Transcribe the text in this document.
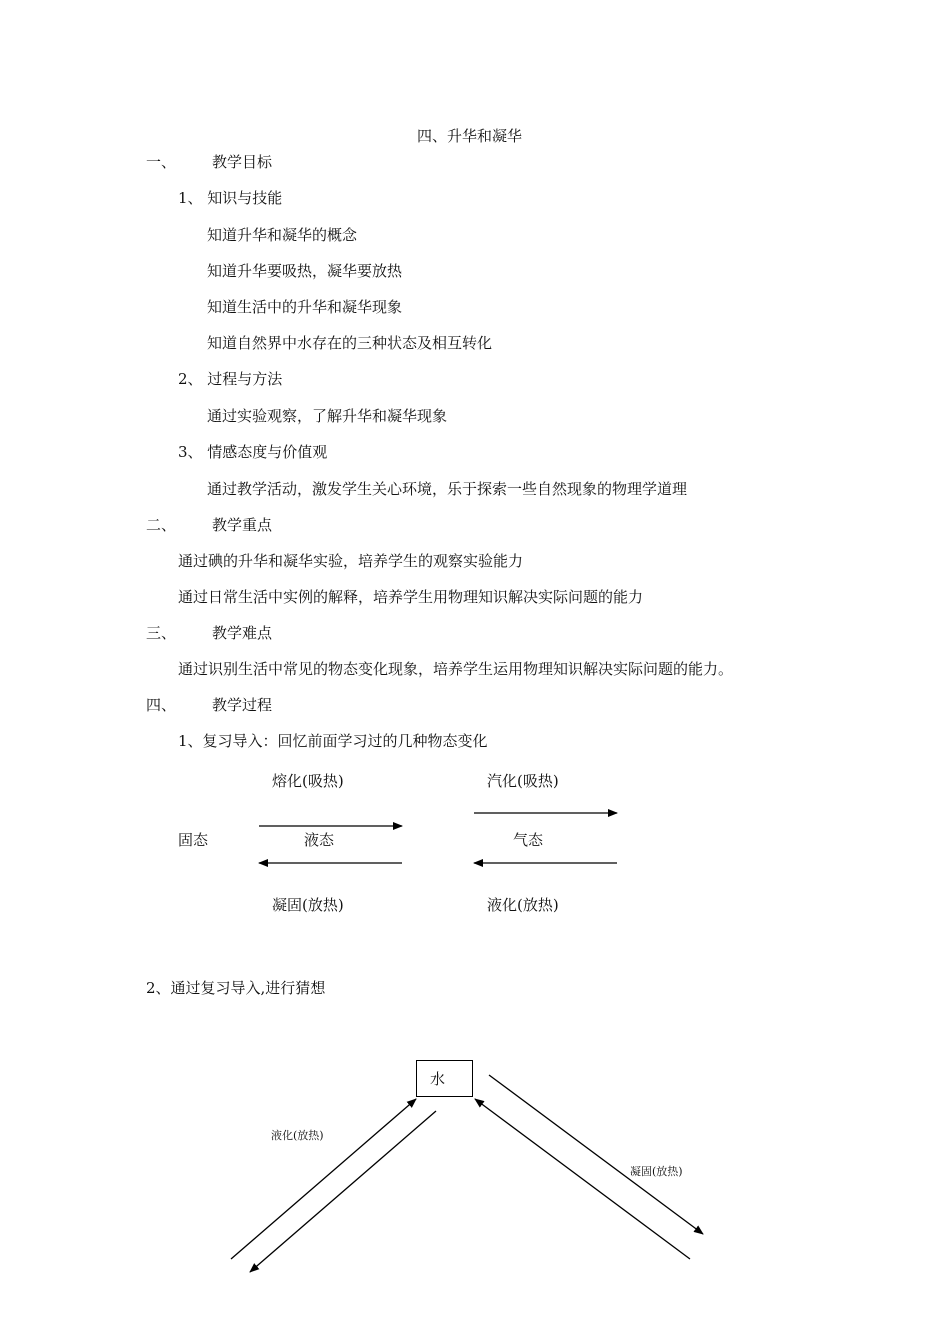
四、升华和凝华
一、 教学目标
1、 知识与技能
知道升华和凝华的概念
知道升华要吸热，凝华要放热
知道生活中的升华和凝华现象
知道自然界中水存在的三种状态及相互转化
2、 过程与方法
通过实验观察，了解升华和凝华现象
3、 情感态度与价值观
通过教学活动，激发学生关心环境，乐于探索一些自然现象的物理学道理
二、 教学重点
通过碘的升华和凝华实验，培养学生的观察实验能力
通过日常生活中实例的解释，培养学生用物理知识解决实际问题的能力
三、 教学难点
通过识别生活中常见的物态变化现象，培养学生运用物理知识解决实际问题的能力。
四、 教学过程
1、复习导入：回忆前面学习过的几种物态变化
熔化(吸热)	汽化(吸热)
固态	液态	气态
凝固(放热)	液化(放热)
2、通过复习导入,进行猜想
水
液化(放热)
凝固(放热)
